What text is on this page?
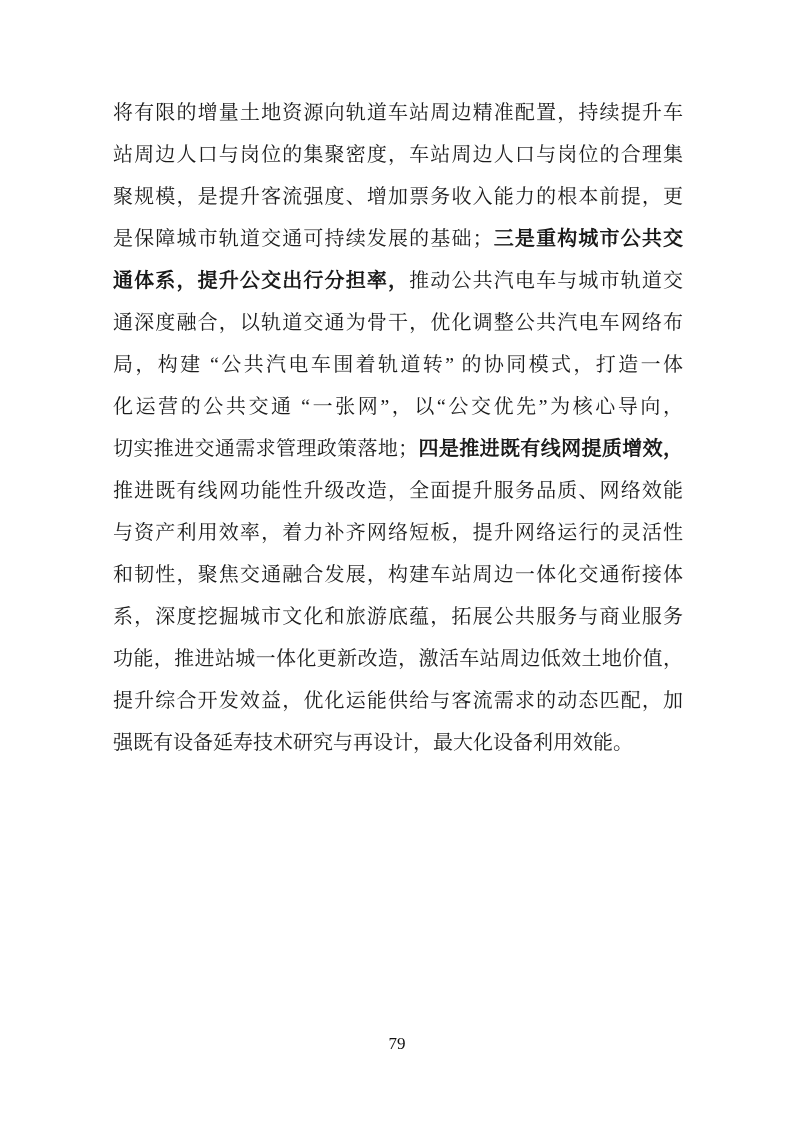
将有限的增量土地资源向轨道车站周边精准配置，持续提升车
站周边人口与岗位的集聚密度，车站周边人口与岗位的合理集
聚规模，是提升客流强度、增加票务收入能力的根本前提，更
是保障城市轨道交通可持续发展的基础；三是重构城市公共交
通体系，提升公交出行分担率，推动公共汽电车与城市轨道交
通深度融合，以轨道交通为骨干，优化调整公共汽电车网络布
局，构建 “公共汽电车围着轨道转” 的协同模式，打造一体
化运营的公共交通 “一张网”，以“公交优先”为核心导向，
切实推进交通需求管理政策落地；四是推进既有线网提质增效，
推进既有线网功能性升级改造，全面提升服务品质、网络效能
与资产利用效率，着力补齐网络短板，提升网络运行的灵活性
和韧性，聚焦交通融合发展，构建车站周边一体化交通衔接体
系，深度挖掘城市文化和旅游底蕴，拓展公共服务与商业服务
功能，推进站城一体化更新改造，激活车站周边低效土地价值，
提升综合开发效益，优化运能供给与客流需求的动态匹配，加
强既有设备延寿技术研究与再设计，最大化设备利用效能。
79
